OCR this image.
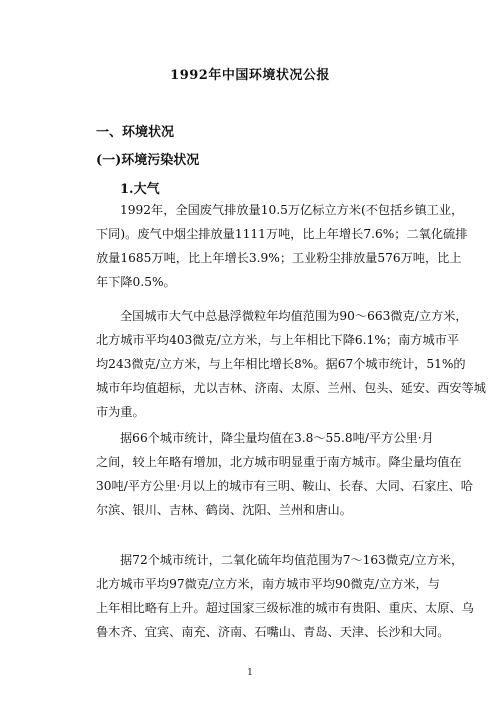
1992年中国环境状况公报
一、环境状况
(一)环境污染状况
1.大气
1992年，全国废气排放量10.5万亿标立方米(不包括乡镇工业，
下同)。废气中烟尘排放量1111万吨，比上年增长7.6%；二氧化硫排
放量1685万吨，比上年增长3.9%；工业粉尘排放量576万吨，比上
年下降0.5%。
全国城市大气中总悬浮微粒年均值范围为90～663微克/立方米，
北方城市平均403微克/立方米，与上年相比下降6.1%；南方城市平
均243微克/立方米，与上年相比增长8%。据67个城市统计，51%的
城市年均值超标，尤以吉林、济南、太原、兰州、包头、延安、西安等城
市为重。
据66个城市统计，降尘量均值在3.8～55.8吨/平方公里·月
之间，较上年略有增加，北方城市明显重于南方城市。降尘量均值在
30吨/平方公里·月以上的城市有三明、鞍山、长春、大同、石家庄、哈
尔滨、银川、吉林、鹤岗、沈阳、兰州和唐山。
据72个城市统计，二氧化硫年均值范围为7～163微克/立方米，
北方城市平均97微克/立方米，南方城市平均90微克/立方米，与
上年相比略有上升。超过国家三级标准的城市有贵阳、重庆、太原、乌
鲁木齐、宜宾、南充、济南、石嘴山、青岛、天津、长沙和大同。
1
